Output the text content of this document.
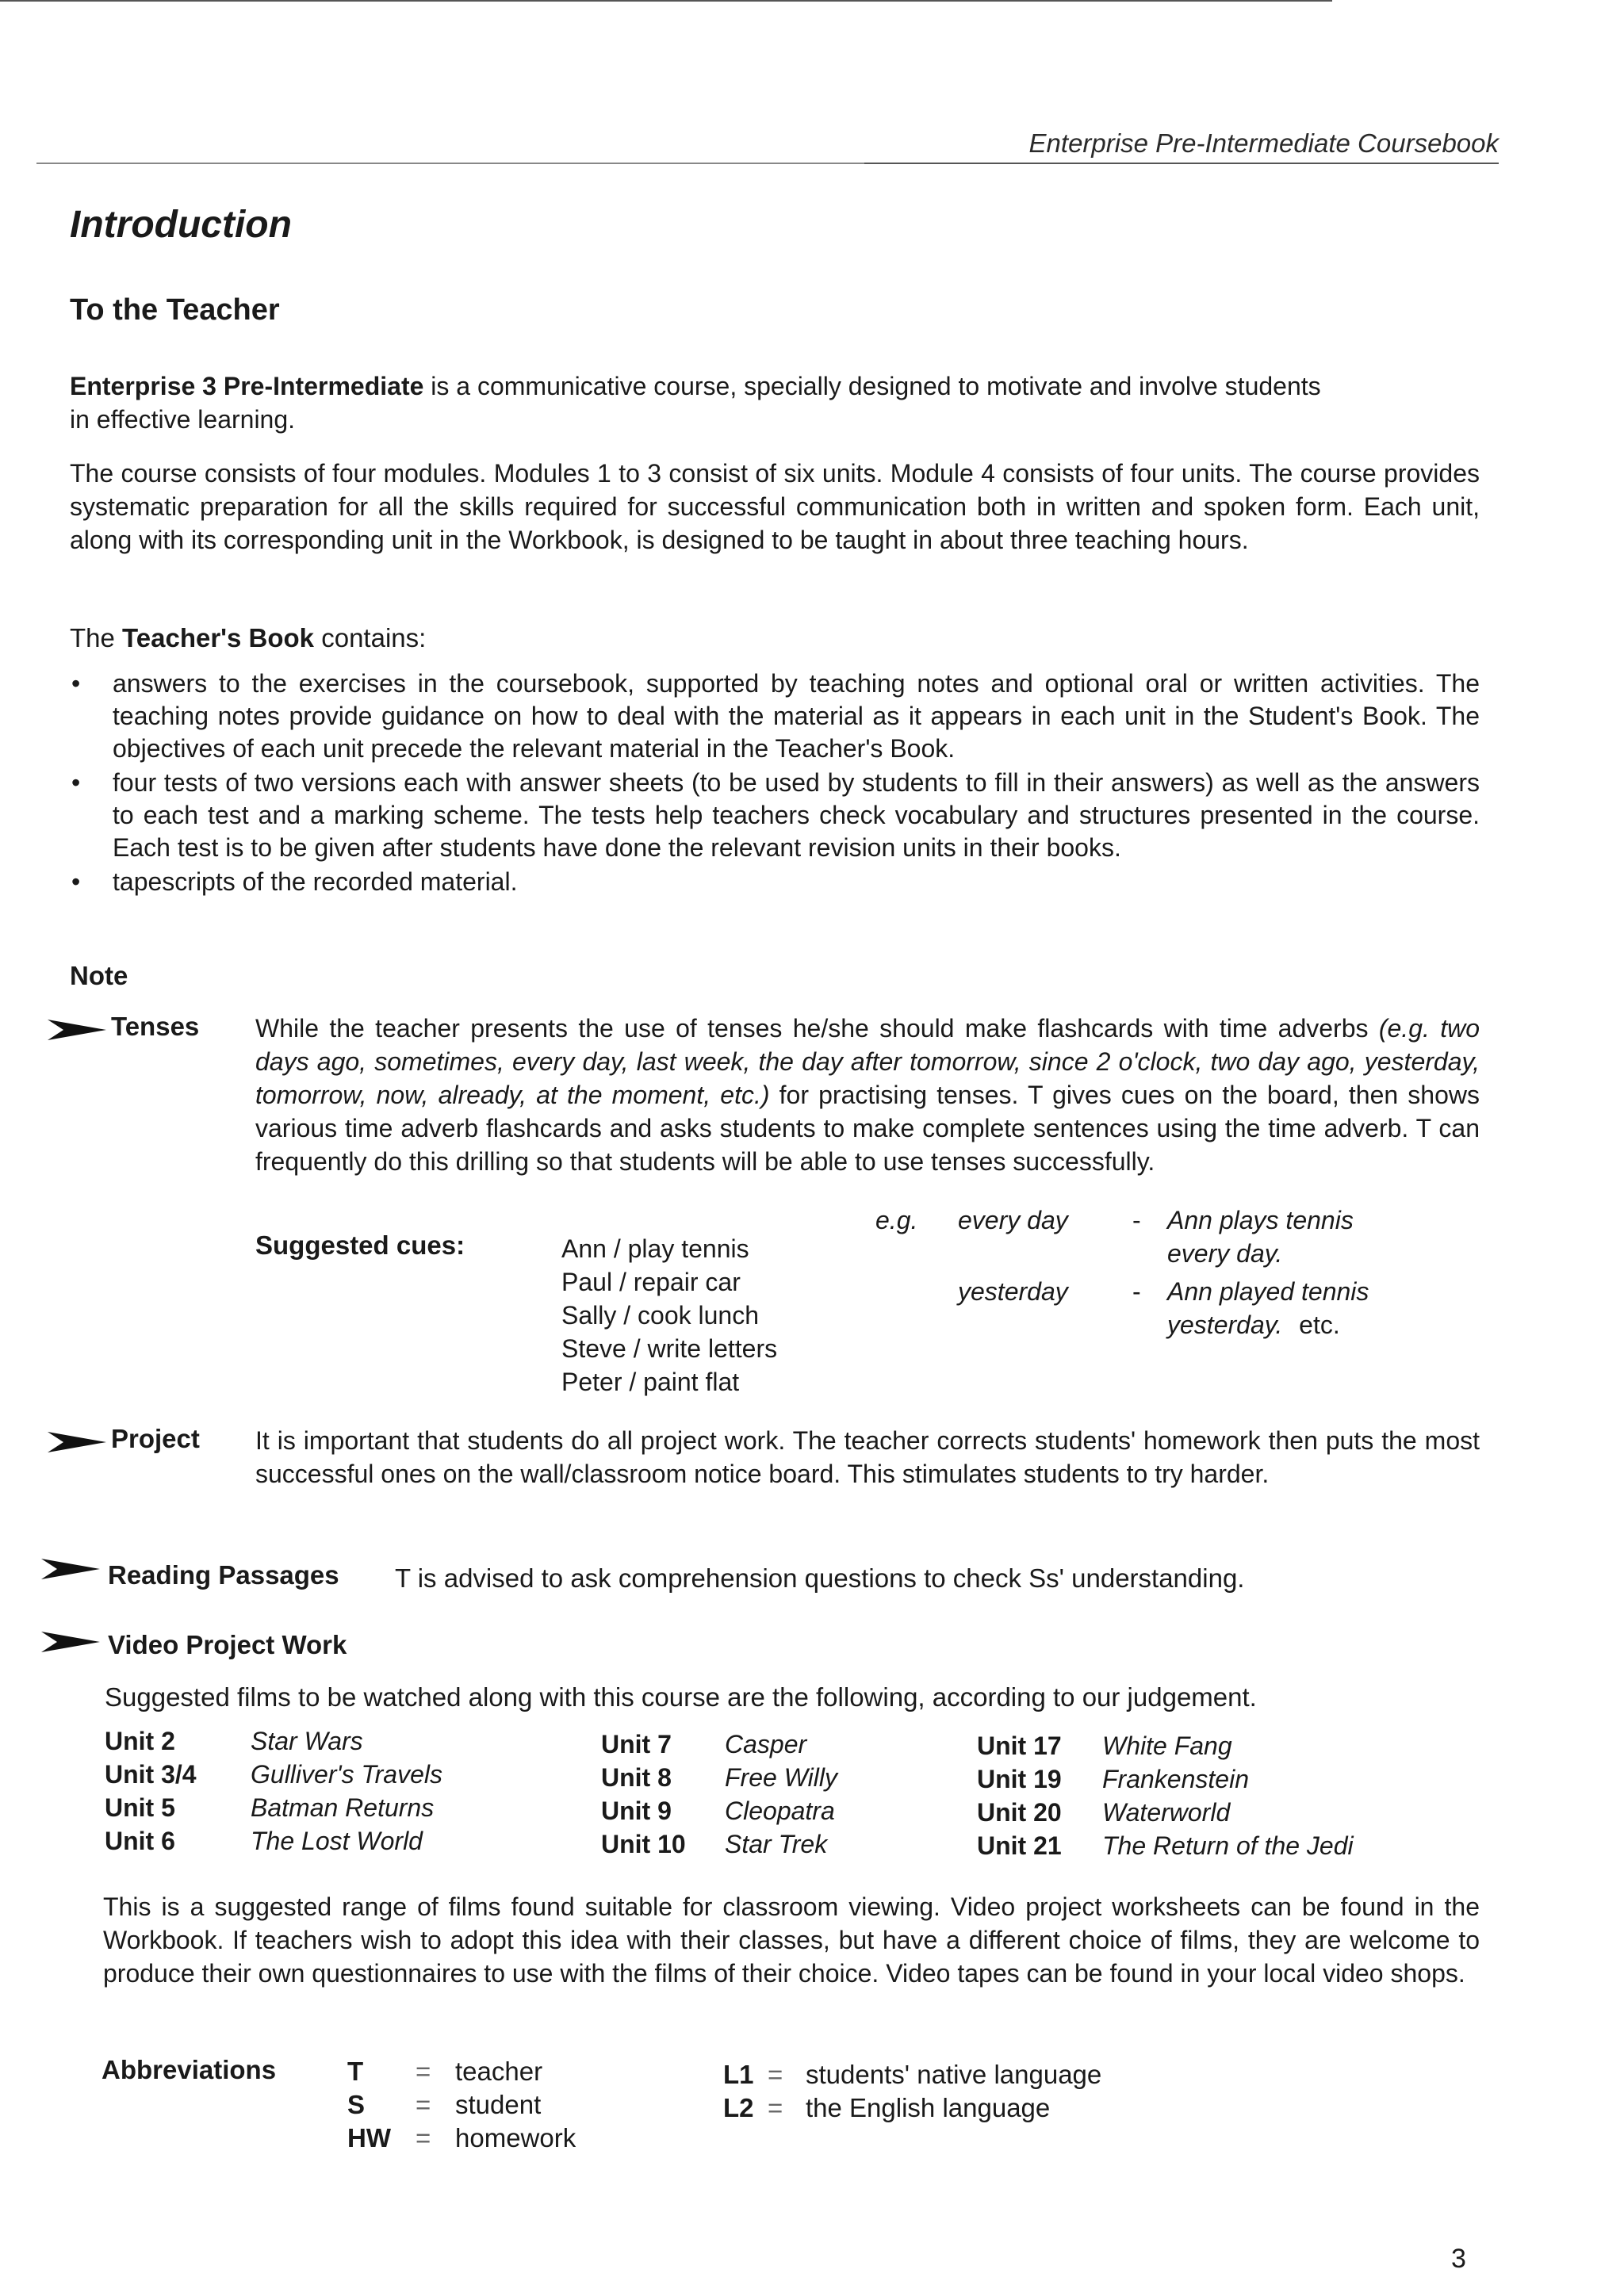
Enterprise Pre-Intermediate Coursebook
Introduction
To the Teacher

Enterprise 3 Pre-Intermediate is a communicative course, specially designed to motivate and involve students
in effective learning.

The course consists of four modules. Modules 1 to 3 consist of six units. Module 4 consists of four units. The course provides systematic preparation for all the skills required for successful communication both in written and spoken form. Each unit, along with its corresponding unit in the Workbook, is designed to be taught in about three teaching hours.

The Teacher's Book contains:

•	answers to the exercises in the coursebook, supported by teaching notes and optional oral or written activities. The teaching notes provide guidance on how to deal with the material as it appears in each unit in the Student's Book. The objectives of each unit precede the relevant material in the Teacher's Book.
•	four tests of two versions each with answer sheets (to be used by students to fill in their answers) as well as the answers to each test and a marking scheme. The tests help teachers check vocabulary and structures presented in the course. Each test is to be given after students have done the relevant revision units in their books.
•	tapescripts of the recorded material.
Note
Tenses While the teacher presents the use of tenses he/she should make flashcards with time adverbs (e.g. two days ago, sometimes, every day, last week, the day after tomorrow, since 2 o'clock, two day ago, yesterday, tomorrow, now, already, at the moment, etc.) for practising tenses. T gives cues on the board, then shows various time adverb flashcards and asks students to make complete sentences using the time adverb. T can frequently do this drilling so that students will be able to use tenses successfully.

Suggested cues:	Ann / play tennis
Paul / repair car
Sally / cook lunch
Steve / write letters
Peter / paint flat
e.g. every day	- Ann plays tennis
every day.
yesterday	- Ann played tennis
yesterday. etc.
Project It is important that students do all project work. The teacher corrects students' homework then puts the most successful ones on the wall/classroom notice board. This stimulates students to try harder.

Reading Passages T is advised to ask comprehension questions to check Ss' understanding.
Video Project Work
Suggested films to be watched along with this course are the following, according to our judgement.
Unit 2	Star Wars
Unit 3/4	Gulliver's Travels
Unit 5	Batman Returns
Unit 6	The Lost World
Unit 7	Casper
Unit 8	Free Willy
Unit 9	Cleopatra
Unit 10	Star Trek
Unit 17	White Fang
Unit 19	Frankenstein
Unit 20	Waterworld
Unit 21	The Return of the Jedi

This is a suggested range of films found suitable for classroom viewing. Video project worksheets can be found in the Workbook. If teachers wish to adopt this idea with their classes, but have a different choice of films, they are welcome to produce their own questionnaires to use with the films of their choice. Video tapes can be found in your local video shops.

Abbreviations	T	=	teacher
S	=	student
HW	=	homework
L1	=	students' native language
L2	=	the English language
3
